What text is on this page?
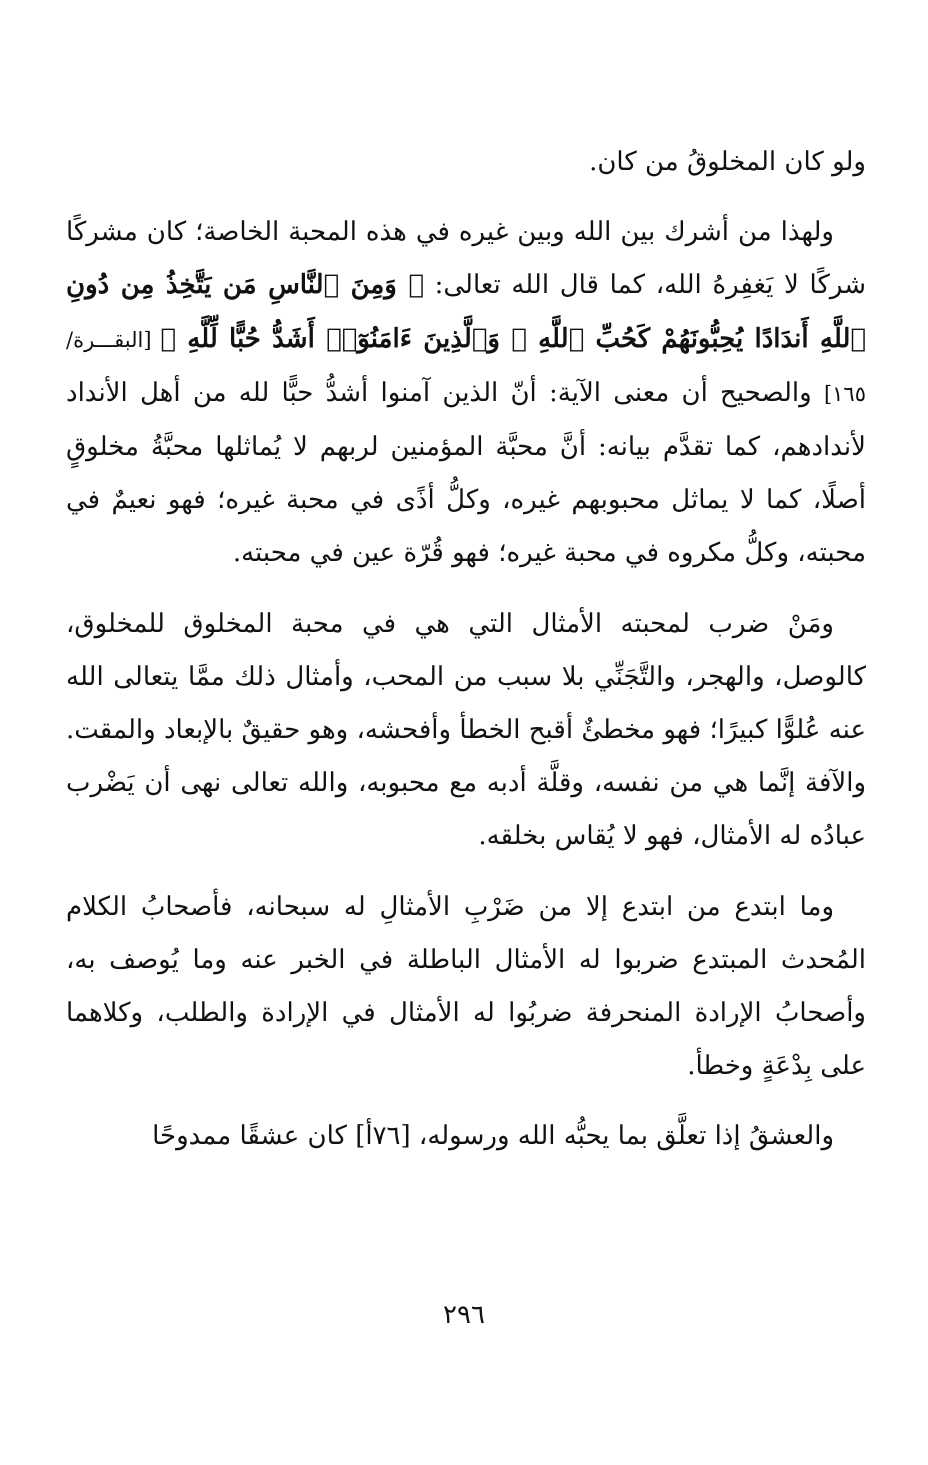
ولو كان المخلوقُ من كان.

ولهذا من أشرك بين الله وبين غيره في هذه المحبة الخاصة؛ كان مشركًا شركًا لا يَغفِرهُ الله، كما قال الله تعالى: ﴿ وَمِنَ ٱلنَّاسِ مَن يَتَّخِذُ مِن دُونِ ٱللَّهِ أَندَادًا يُحِبُّونَهُمْ كَحُبِّ ٱللَّهِ ۖ وَٱلَّذِينَ ءَامَنُوٓا۟ أَشَدُّ حُبًّا لِّلَّهِ ﴾ [البقـــرة/ ١٦٥] والصحيح أن معنى الآية: أنّ الذين آمنوا أشدُّ حبًّا لله من أهل الأنداد لأندادهم، كما تقدَّم بيانه: أنَّ محبَّة المؤمنين لربهم لا يُماثلها محبَّةُ مخلوقٍ أصلًا، كما لا يماثل محبوبهم غيره، وكلُّ أذًى في محبة غيره؛ فهو نعيمٌ في محبته، وكلُّ مكروه في محبة غيره؛ فهو قُرّة عين في محبته.

ومَنْ ضرب لمحبته الأمثال التي هي في محبة المخلوق للمخلوق، كالوصل، والهجر، والتَّجَنِّي بلا سبب من المحب، وأمثال ذلك ممَّا يتعالى الله عنه عُلوًّا كبيرًا؛ فهو مخطئٌ أقبح الخطأ وأفحشه، وهو حقيقٌ بالإبعاد والمقت. والآفة إنَّما هي من نفسه، وقلَّة أدبه مع محبوبه، والله تعالى نهى أن يَضْرب عبادُه له الأمثال، فهو لا يُقاس بخلقه.

وما ابتدع من ابتدع إلا من ضَرْبِ الأمثالِ له سبحانه، فأصحابُ الكلام المُحدث المبتدع ضربوا له الأمثال الباطلة في الخبر عنه وما يُوصف به، وأصحابُ الإرادة المنحرفة ضربُوا له الأمثال في الإرادة والطلب، وكلاهما على بِدْعَةٍ وخطأ.

والعشقُ إذا تعلَّق بما يحبُّه الله ورسوله، [٧٦أ] كان عشقًا ممدوحًا

٢٩٦
